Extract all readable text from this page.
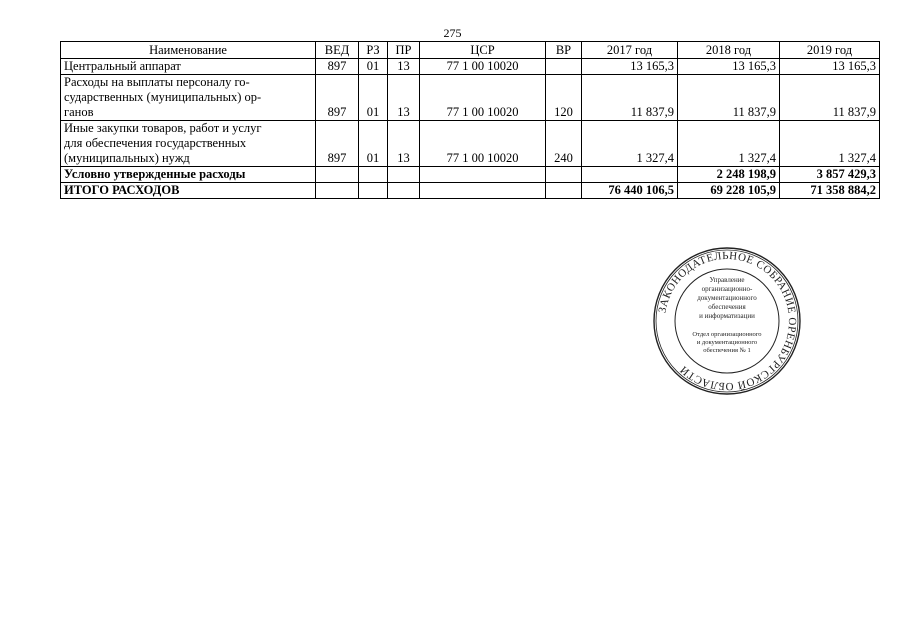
275
Наименование	ВЕД	РЗ	ПР	ЦСР	ВР	2017 год	2018 год	2019 год
Центральный аппарат	897	01	13	77 1 00 10020		13 165,3	13 165,3	13 165,3

Расходы на выплаты персоналу го-
сударственных (муниципальных) ор-
ганов	897	01	13	77 1 00 10020	120	11 837,9	11 837,9	11 837,9

Иные закупки товаров, работ и услуг
для обеспечения государственных
(муниципальных) нужд	897	01	13	77 1 00 10020	240	1 327,4	1 327,4	1 327,4
Условно утвержденные расходы							2 248 198,9	3 857 429,3
ИТОГО РАСХОДОВ						76 440 106,5	69 228 105,9	71 358 884,2
ЗАКОНОДАТЕЛЬНОЕ СОБРАНИЕ ОРЕНБУРГСКОЙ ОБЛАСТИ
Управление
организационно-
документационного
обеспечения
и информатизации
Отдел организационного
и документационного
обеспечения № 1
